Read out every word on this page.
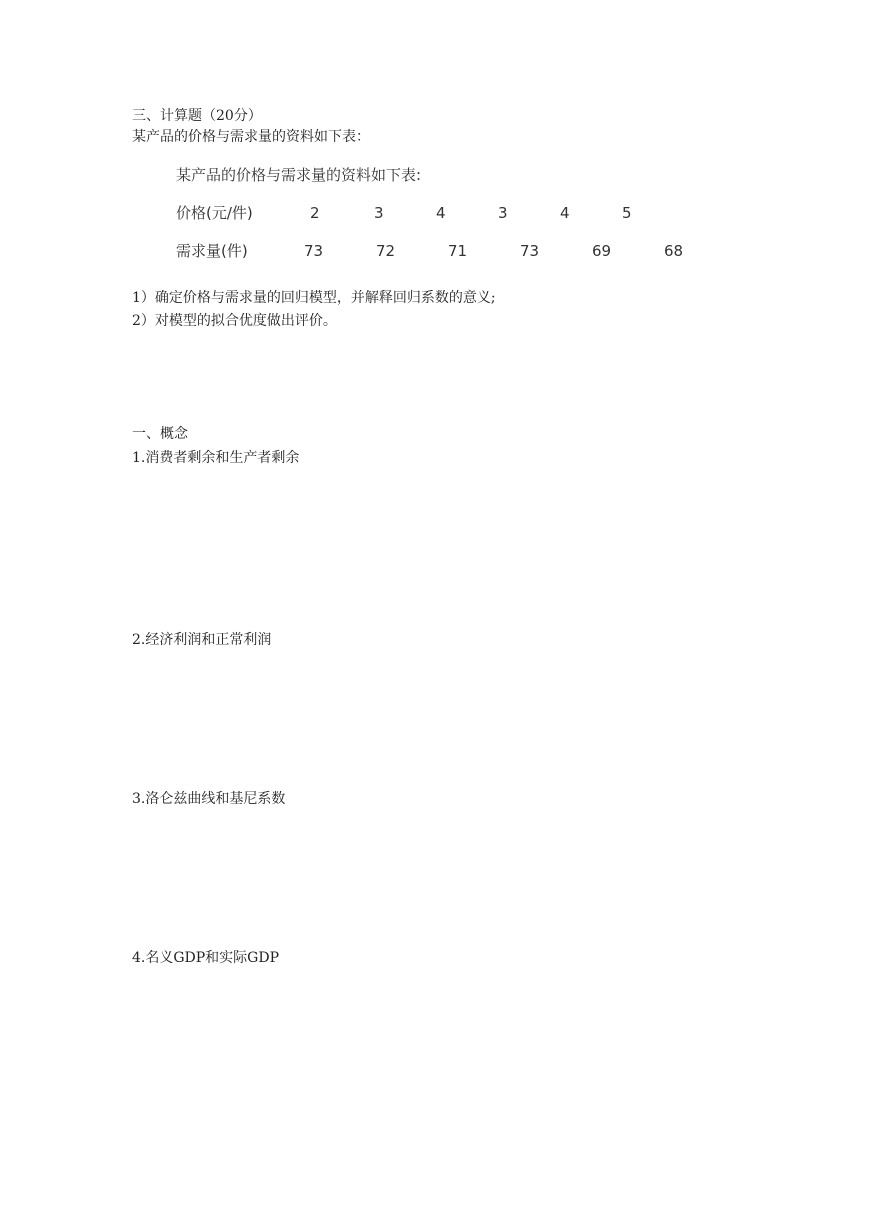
三、计算题（20分）
某产品的价格与需求量的资料如下表：
某产品的价格与需求量的资料如下表:
价格(元/件)	2	3	4	3	4	5
需求量(件)	73	72	71	73	69	68
1）确定价格与需求量的回归模型，并解释回归系数的意义;
2）对模型的拟合优度做出评价。
一、概念
1.消费者剩余和生产者剩余
2.经济利润和正常利润
3.洛仑兹曲线和基尼系数
4.名义GDP和实际GDP
